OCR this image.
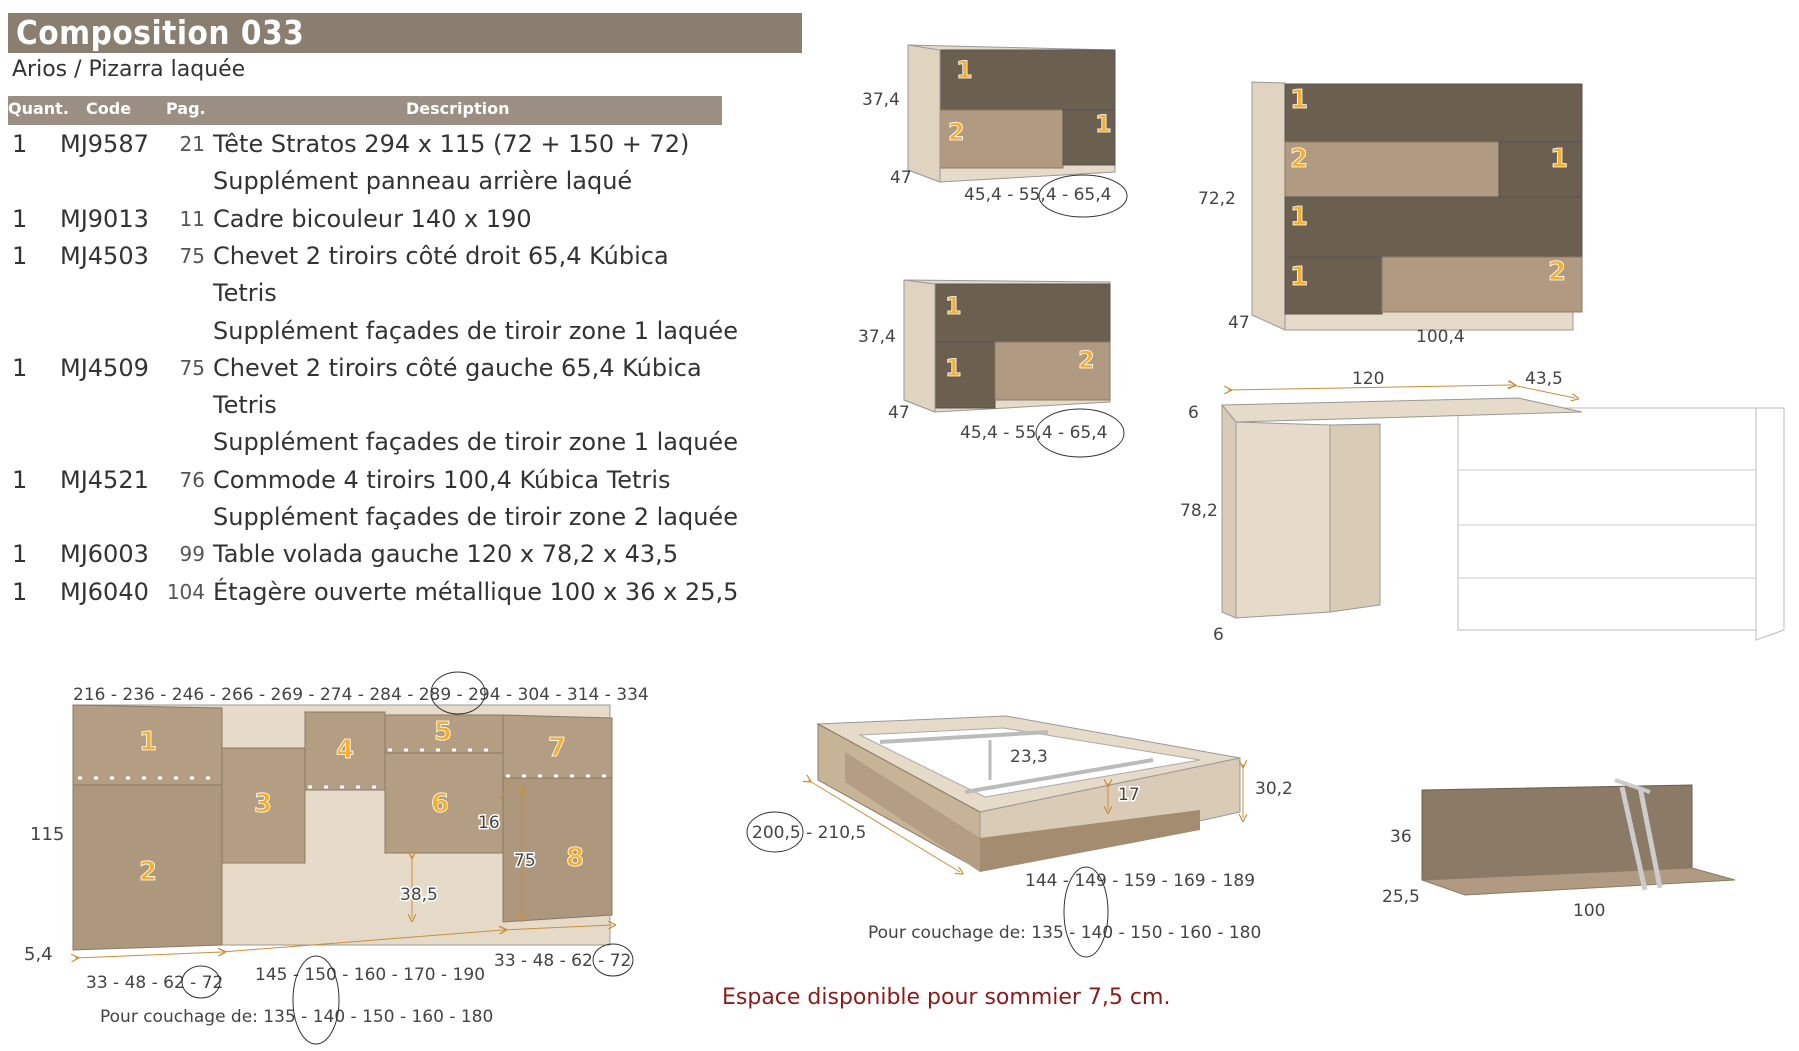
Composition 033
Arios / Pizarra laquée
Quant. Code Pag.	Description
1 MJ9587	21 Tête Stratos 294 x 115 (72 + 150 + 72)
Supplément panneau arrière laqué
1 MJ9013	11 Cadre bicouleur 140 x 190
1 MJ4503	75 Chevet 2 tiroirs côté droit 65,4 Kúbica
Tetris
Supplément façades de tiroir zone 1 laquée
1 MJ4509	75 Chevet 2 tiroirs côté gauche 65,4 Kúbica
Tetris
Supplément façades de tiroir zone 1 laquée
1 MJ4521	76 Commode 4 tiroirs 100,4 Kúbica Tetris
Supplément façades de tiroir zone 2 laquée
1 MJ6003	99 Table volada gauche 120 x 78,2 x 43,5
1 MJ6040 104 Étagère ouverte métallique 100 x 36 x 25,5
Espace disponible pour sommier 7,5 cm.
1
2
3
4
5
6
7
8
216 - 236 - 246 - 266 - 269 - 274 - 284 - 289 - 294 - 304 - 314 - 334
115
5,4
33 - 48 - 62 - 72
33 - 48 - 62 - 72
145 - 150 - 160 - 170 - 190
Pour couchage de: 135 - 140 - 150 - 160 - 180
16
75
38,5
1
2	1
37,4
47
45,4 - 55,4 - 65,4
1
1	2
37,4
47
45,4 - 55,4 - 65,4
1
2	1
1
1	2
72,2
47
100,4
120	43,5
6
78,2
6
23,3
17	30,2
200,5 - 210,5
144 - 149 - 159 - 169 - 189
Pour couchage de: 135 - 140 - 150 - 160 - 180
36
25,5
100
